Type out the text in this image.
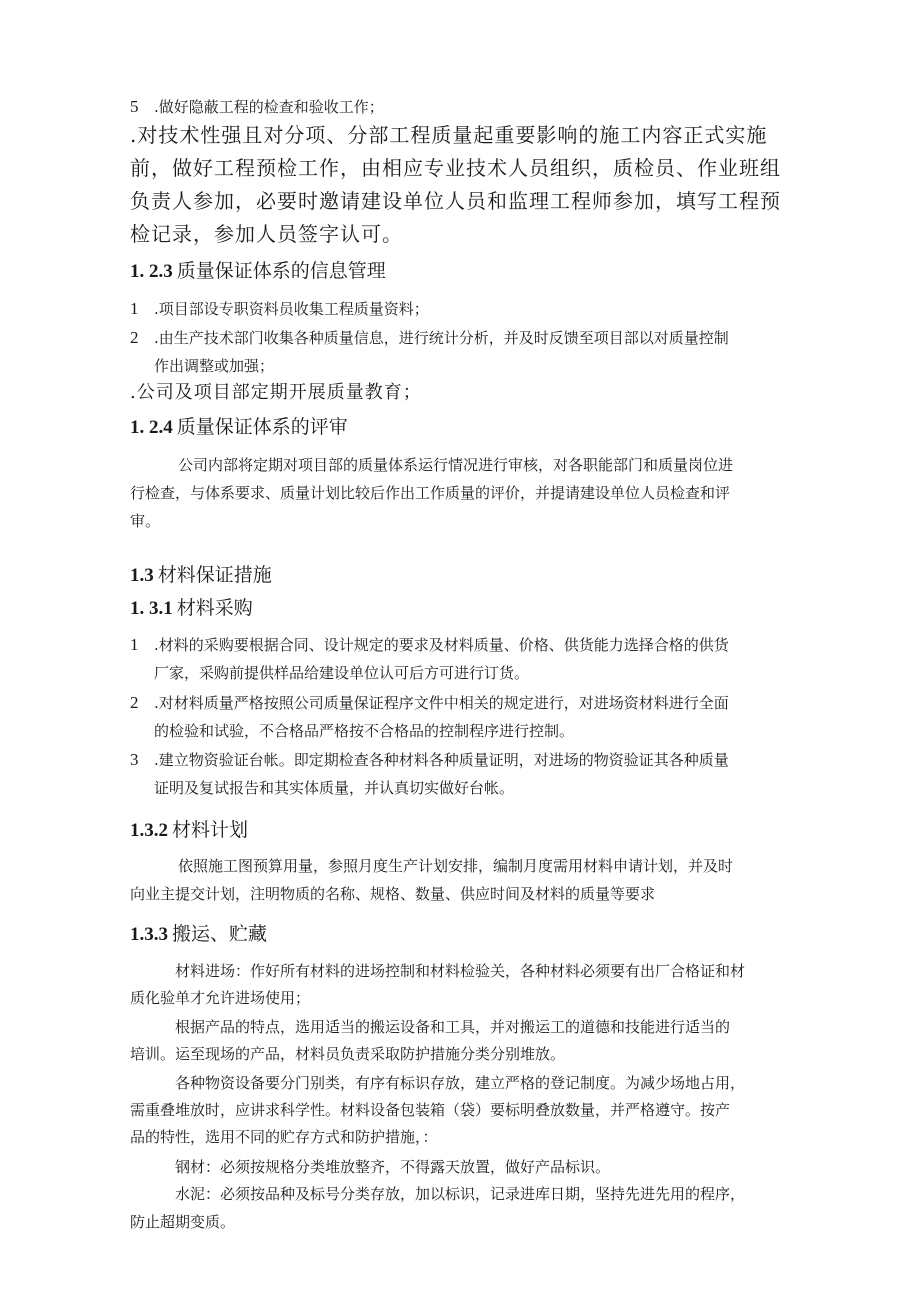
5 .做好隐蔽工程的检查和验收工作；
.对技术性强且对分项、分部工程质量起重要影响的施工内容正式实施
前，做好工程预检工作，由相应专业技术人员组织，质检员、作业班组
负责人参加，必要时邀请建设单位人员和监理工程师参加，填写工程预
检记录，参加人员签字认可。
1. 2.3 质量保证体系的信息管理
1 .项目部设专职资料员收集工程质量资料；
2 .由生产技术部门收集各种质量信息，进行统计分析，并及时反馈至项目部以对质量控制
作出调整或加强；
.公司及项目部定期开展质量教育；
1. 2.4 质量保证体系的评审
公司内部将定期对项目部的质量体系运行情况进行审核，对各职能部门和质量岗位进
行检查，与体系要求、质量计划比较后作出工作质量的评价，并提请建设单位人员检查和评
审。
1.3 材料保证措施
1. 3.1 材料采购
1 .材料的采购要根据合同、设计规定的要求及材料质量、价格、供货能力选择合格的供货
厂家，采购前提供样品给建设单位认可后方可进行订货。
2 .对材料质量严格按照公司质量保证程序文件中相关的规定进行，对进场资材料进行全面
的检验和试验，不合格品严格按不合格品的控制程序进行控制。
3 .建立物资验证台帐。即定期检查各种材料各种质量证明，对进场的物资验证其各种质量
证明及复试报告和其实体质量，并认真切实做好台帐。
1.3.2 材料计划
依照施工图预算用量，参照月度生产计划安排，编制月度需用材料申请计划，并及时
向业主提交计划，注明物质的名称、规格、数量、供应时间及材料的质量等要求
1.3.3 搬运、贮藏
材料进场：作好所有材料的进场控制和材料检验关，各种材料必须要有出厂合格证和材
质化验单才允许进场使用；
根据产品的特点，选用适当的搬运设备和工具，并对搬运工的道德和技能进行适当的
培训。运至现场的产品，材料员负责采取防护措施分类分别堆放。
各种物资设备要分门别类，有序有标识存放，建立严格的登记制度。为减少场地占用，
需重叠堆放时，应讲求科学性。材料设备包装箱（袋）要标明叠放数量，并严格遵守。按产
品的特性，选用不同的贮存方式和防护措施，：
钢材：必须按规格分类堆放整齐，不得露天放置，做好产品标识。
水泥：必须按品种及标号分类存放，加以标识，记录进库日期，坚持先进先用的程序，
防止超期变质。
